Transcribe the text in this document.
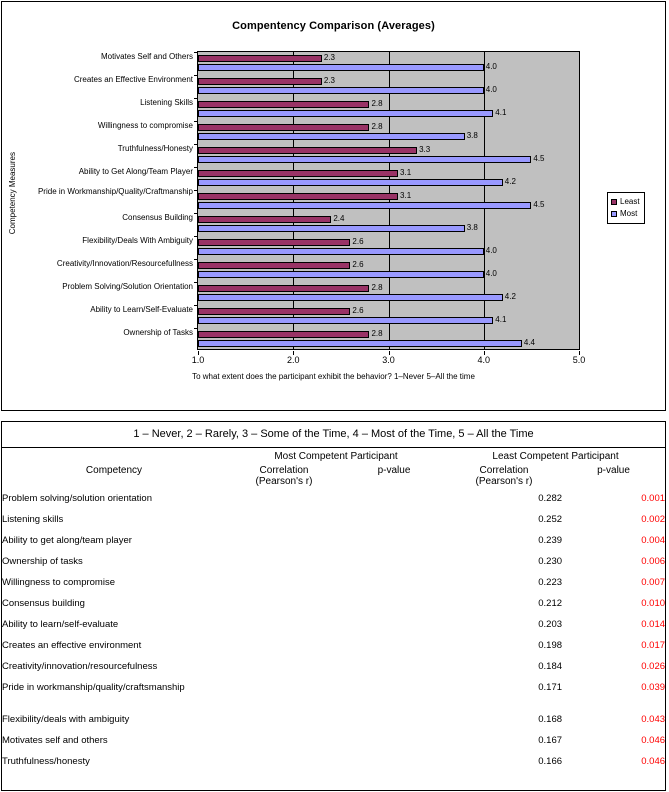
Compentency Comparison (Averages)
Competency Measures
Motivates Self and Others	2.3
4.0
Creates an Effective Environment	2.3
4.0
Listening Skills	2.8
4.1
Willingness to compromise	2.8
3.8
Truthfulness/Honesty	3.3
4.5
Ability to Get Along/Team Player	3.1
4.2
Pride in Workmanship/Quality/Craftmanship	3.1
4.5
Consensus Building	2.4
3.8
Flexibility/Deals With Ambiguity	2.6
4.0
Creativity/Innovation/Resourcefullness	2.6
4.0
Problem Solving/Solution Orientation	2.8
4.2
Ability to Learn/Self-Evaluate	2.6
4.1
Ownership of Tasks	2.8
4.4
1.0	2.0	3.0	4.0	5.0
To what extent does the participant exhibit the behavior? 1–Never 5–All the time
Least
Most
1 – Never, 2 – Rarely, 3 – Some of the Time, 4 – Most of the Time, 5 – All the Time
	Most Competent Participant		Least Competent Participant	
Competency	Correlation
(Pearson's r)	p-value	Correlation
(Pearson's r)	p-value
Problem solving/solution orientation			0.282	0.001
Listening skills			0.252	0.002
Ability to get along/team player			0.239	0.004
Ownership of tasks			0.230	0.006
Willingness to compromise			0.223	0.007
Consensus building			0.212	0.010
Ability to learn/self-evaluate			0.203	0.014
Creates an effective environment			0.198	0.017
Creativity/innovation/resourcefulness			0.184	0.026
Pride in workmanship/quality/craftsmanship			0.171	0.039
Flexibility/deals with ambiguity			0.168	0.043
Motivates self and others			0.167	0.046
Truthfulness/honesty			0.166	0.046
